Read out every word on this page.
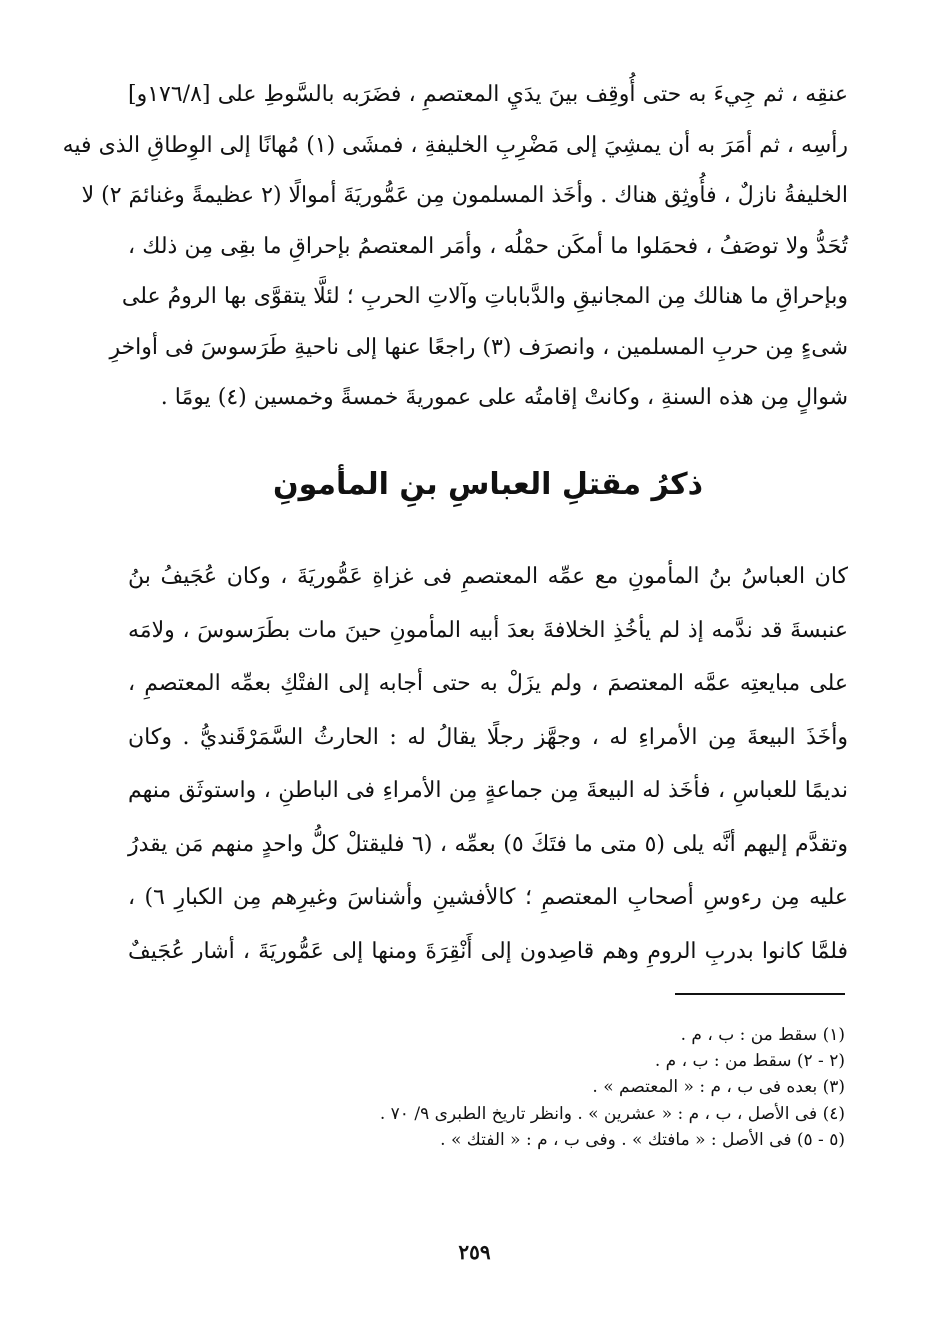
عنقِه ، ثم جِيءَ به حتى أُوقِف بينَ يدَيِ المعتصمِ ، فضَرَبه بالسَّوطِ على [١٧٦/٨و]
رأسِه ، ثم أمَرَ به أن يمشِيَ إلى مَضْرِبِ الخليفةِ ، فمشَى (١) مُهانًا إلى الوِطاقِ الذى فيه
الخليفةُ نازلٌ ، فأُوثِق هناك . وأخَذ المسلمون مِن عَمُّوريَةَ أموالًا (٢ عظيمةً وغنائمَ ٢) لا
تُحَدُّ ولا توصَفُ ، فحمَلوا ما أمكَن حمْلُه ، وأمَر المعتصمُ بإحراقِ ما بقِى مِن ذلك ،
وبإحراقِ ما هنالك مِن المجانيقِ والدَّباباتِ وآلاتِ الحربِ ؛ لئلَّا يتقوَّى بها الرومُ على
شىءٍ مِن حربِ المسلمين ، وانصرَف (٣) راجعًا عنها إلى ناحيةِ طَرَسوسَ فى أواخرِ
شوالٍ مِن هذه السنةِ ، وكانتْ إقامتُه على عموريةَ خمسةً وخمسين (٤) يومًا .
ذكرُ مقتلِ العباسِ بنِ المأمونِ
كان العباسُ بنُ المأمونِ مع عمِّه المعتصمِ فى غزاةِ عَمُّوريَةَ ، وكان عُجَيفُ بنُ
عنبسةَ قد ندَّمه إذ لم يأخُذِ الخلافةَ بعدَ أبيه المأمونِ حينَ مات بطَرَسوسَ ، ولامَه
على مبايعتِه عمَّه المعتصمَ ، ولم يزَلْ به حتى أجابه إلى الفتْكِ بعمِّه المعتصمِ ،
وأخَذَ البيعةَ مِن الأمراءِ له ، وجهَّز رجلًا يقالُ له : الحارثُ السَّمَرْقَنديُّ . وكان
نديمًا للعباسِ ، فأخَذ له البيعةَ مِن جماعةٍ مِن الأمراءِ فى الباطنِ ، واستوثَق منهم
وتقدَّم إليهم أنَّه يلى (٥ متى ما فتَكَ ٥) بعمِّه ، (٦ فليقتلْ كلُّ واحدٍ منهم مَن يقدرُ
عليه مِن رءوسِ أصحابِ المعتصمِ ؛ كالأفشينِ وأشناسَ وغيرِهم مِن الكبارِ ٦) ،
فلمَّا كانوا بدربِ الرومِ وهم قاصِدون إلى أَنْقِرَةَ ومنها إلى عَمُّوريَةَ ، أشار عُجَيفٌ
(١) سقط من : ب ، م .
(٢ - ٢) سقط من : ب ، م .
(٣) بعده فى ب ، م : « المعتصم » .
(٤) فى الأصل ، ب ، م : « عشرين » . وانظر تاريخ الطبرى ٩/ ٧٠ .
(٥ - ٥) فى الأصل : « مافتك » . وفى ب ، م : « الفتك » .
٢٥٩
